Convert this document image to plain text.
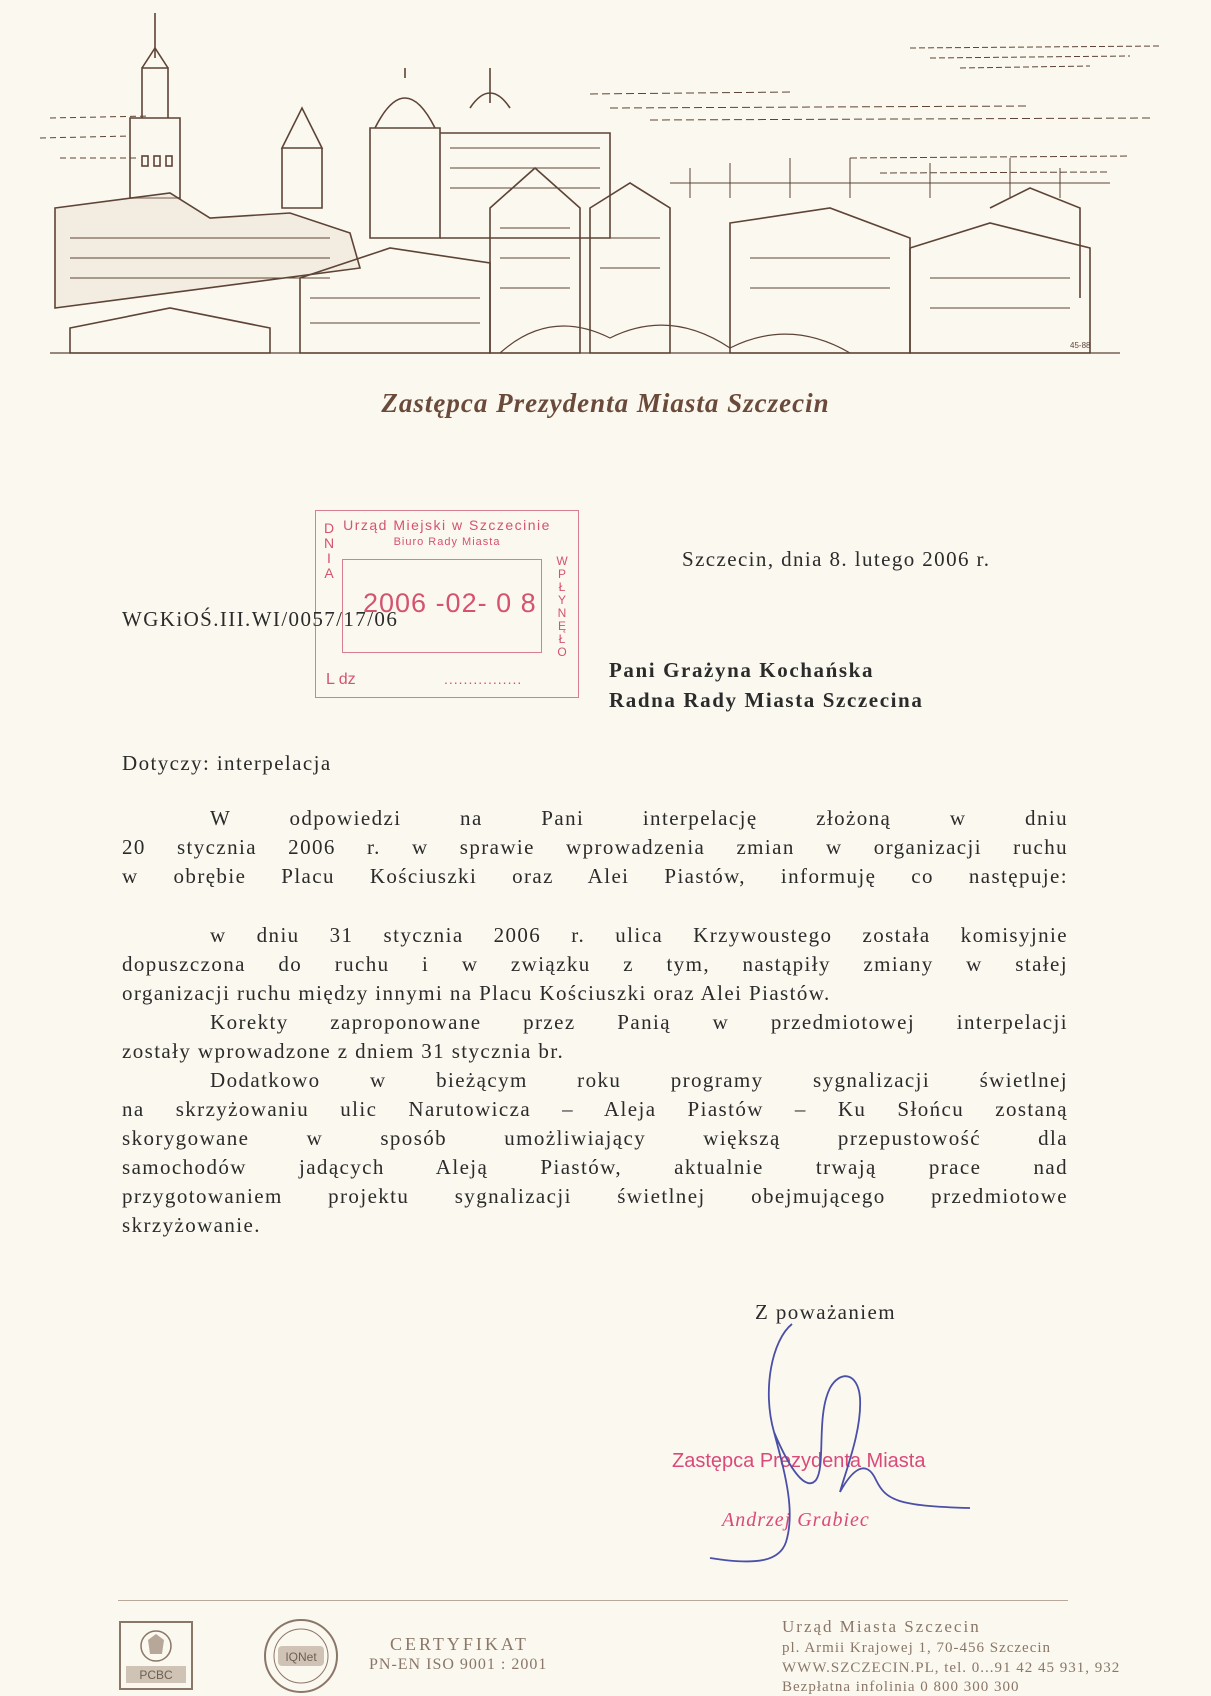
45-88
Zastępca Prezydenta Miasta Szczecin
Urząd Miejski w Szczecinie
Biuro Rady Miasta
2006 -02- 0 8
D
N
I
A
W
P
Ł
Y
N
Ę
Ł
O
L dz	................
Szczecin, dnia 8. lutego 2006 r.
WGKiOŚ.III.WI/0057/17/06
Pani Grażyna Kochańska
Radna Rady Miasta Szczecina
Dotyczy: interpelacja
W odpowiedzi na Pani interpelację złożoną w dniu
20 stycznia 2006 r. w sprawie wprowadzenia zmian w organizacji ruchu
w obrębie Placu Kościuszki oraz Alei Piastów, informuję co następuje:
w dniu 31 stycznia 2006 r. ulica Krzywoustego została komisyjnie
dopuszczona do ruchu i w związku z tym, nastąpiły zmiany w stałej
organizacji ruchu między innymi na Placu Kościuszki oraz Alei Piastów.
Korekty zaproponowane przez Panią w przedmiotowej interpelacji
zostały wprowadzone z dniem 31 stycznia br.
Dodatkowo w bieżącym roku programy sygnalizacji świetlnej
na skrzyżowaniu ulic Narutowicza – Aleja Piastów – Ku Słońcu zostaną
skorygowane w sposób umożliwiający większą przepustowość dla
samochodów jadących Aleją Piastów, aktualnie trwają prace nad
przygotowaniem projektu sygnalizacji świetlnej obejmującego przedmiotowe
skrzyżowanie.
Z poważaniem
Zastępca Prezydenta Miasta
Andrzej Grabiec
PCBC
IQNet
CERTYFIKAT
PN-EN ISO 9001 : 2001
Urząd Miasta Szczecin
pl. Armii Krajowej 1, 70-456 Szczecin
WWW.SZCZECIN.PL, tel. 0...91 42 45 931, 932
Bezpłatna infolinia 0 800 300 300
